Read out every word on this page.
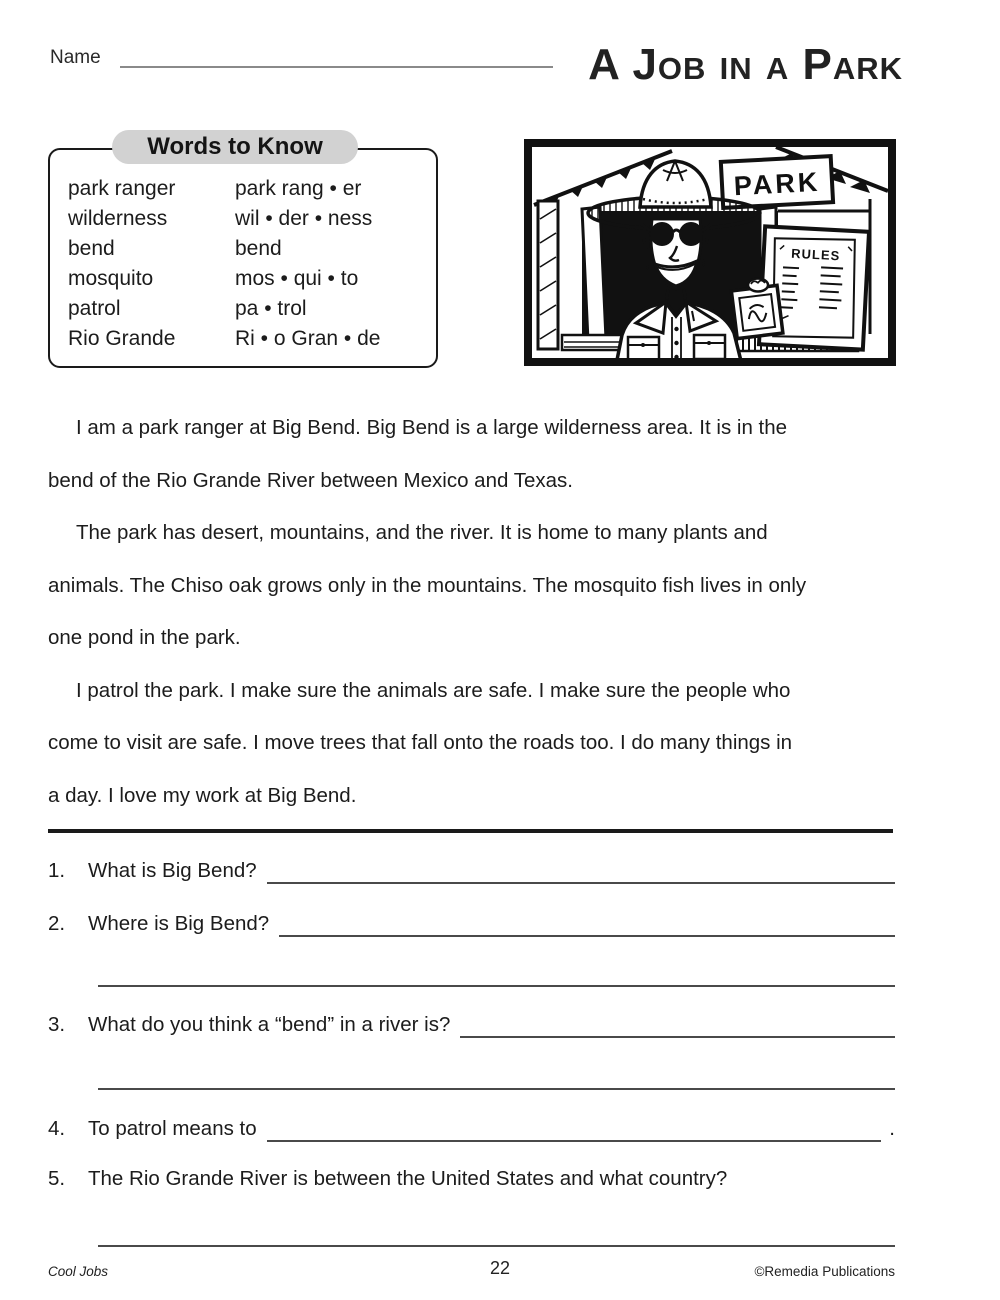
Name	A Job in a Park
Words to Know
park ranger	park rang • er
wilderness	wil • der • ness
bend	bend
mosquito	mos • qui • to
patrol	pa • trol
Rio Grande	Ri • o Gran • de
PARK
RULES
I am a park ranger at Big Bend. Big Bend is a large wilderness area. It is in the
bend of the Rio Grande River between Mexico and Texas.
The park has desert, mountains, and the river. It is home to many plants and
animals. The Chiso oak grows only in the mountains. The mosquito fish lives in only
one pond in the park.
I patrol the park. I make sure the animals are safe. I make sure the people who
come to visit are safe. I move trees that fall onto the roads too. I do many things in
a day. I love my work at Big Bend.
1.	What is Big Bend?
2.	Where is Big Bend?
3.	What do you think a “bend” in a river is?
4.	To patrol means to	.
5.	The Rio Grande River is between the United States and what country?
Cool Jobs	22	©Remedia Publications
